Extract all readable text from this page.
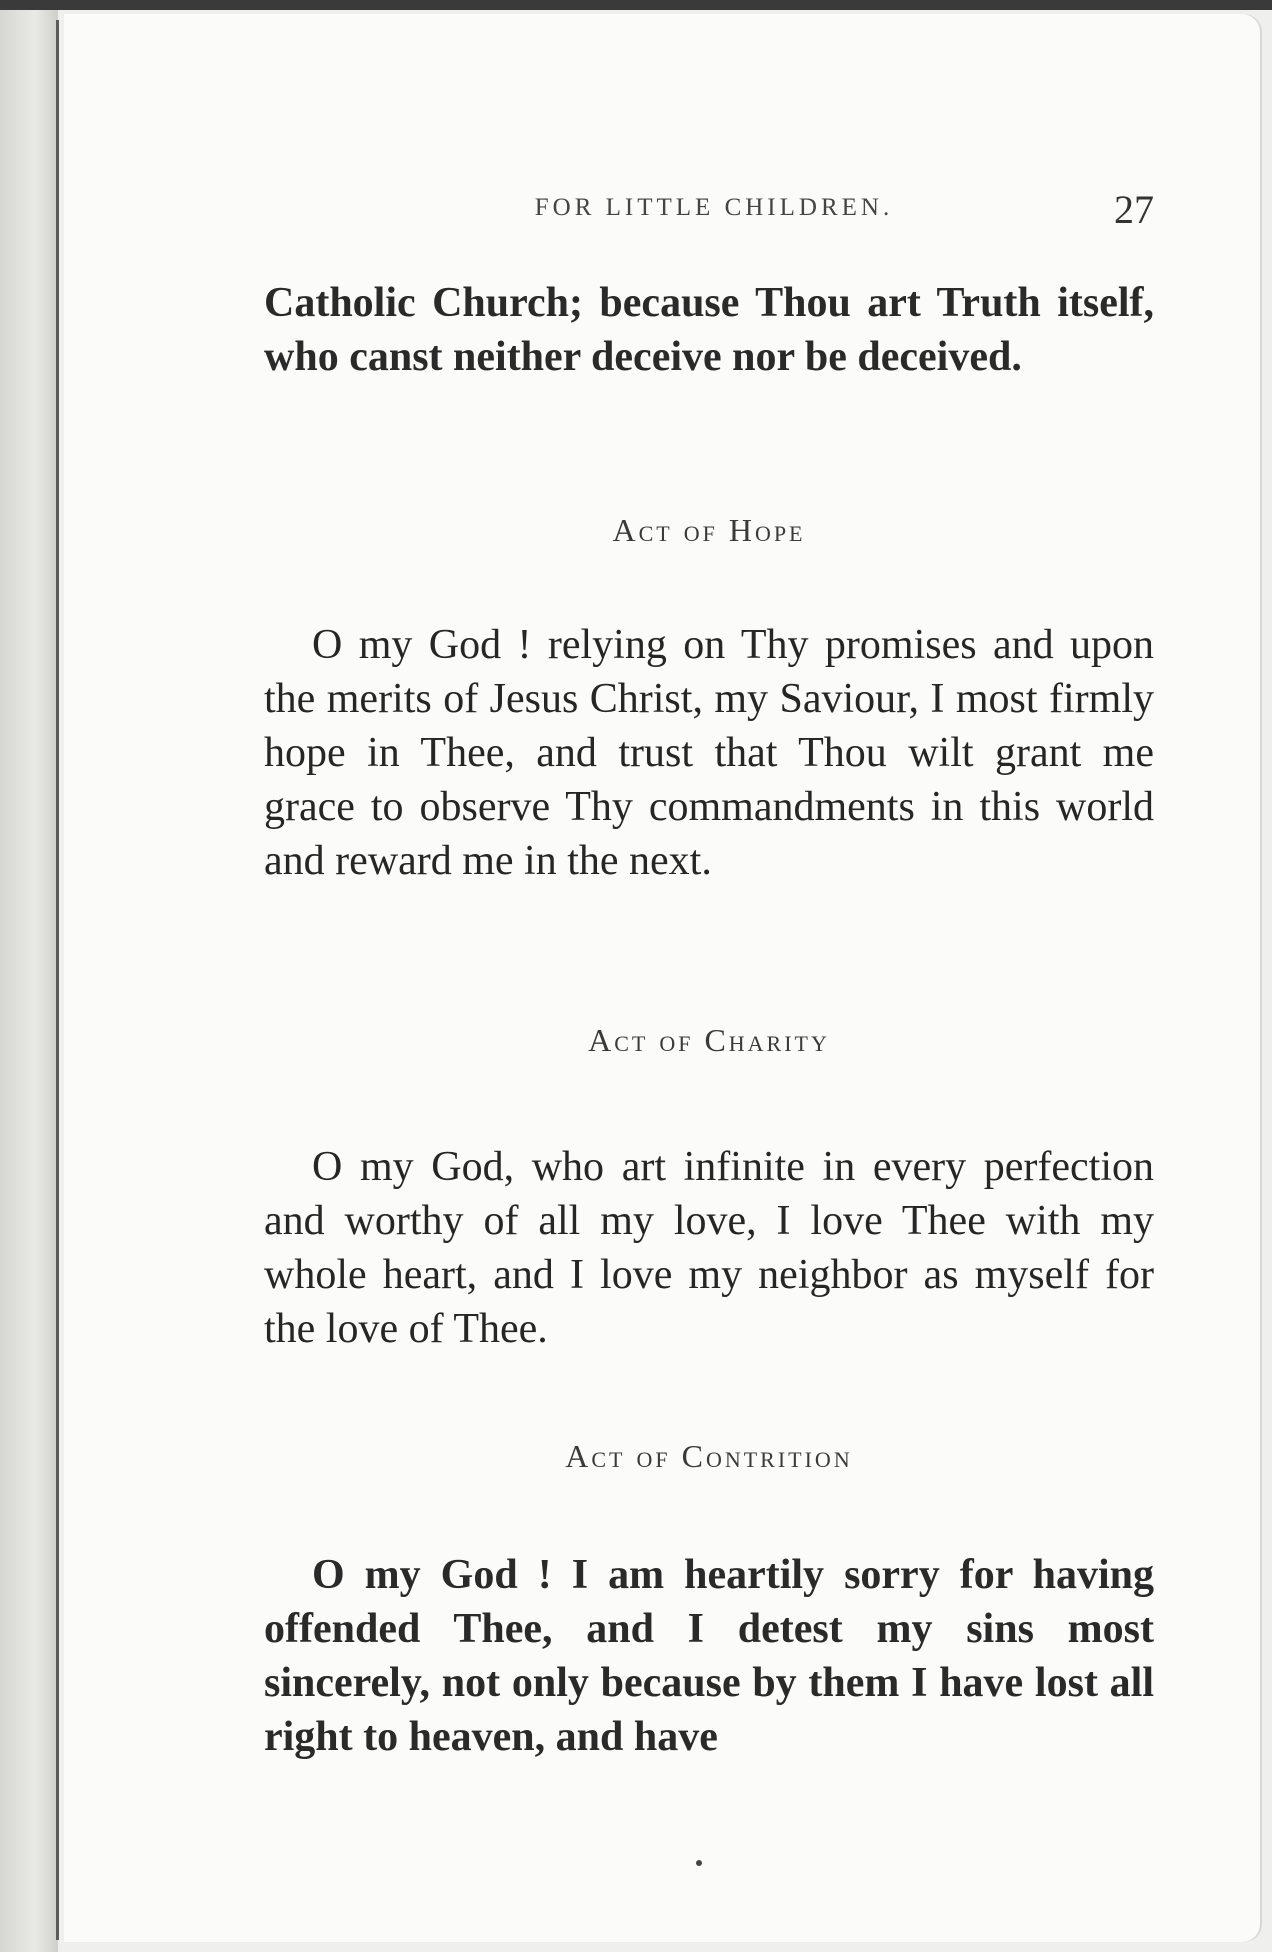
FOR LITTLE CHILDREN.	27

Catholic Church; because Thou art Truth itself, who canst neither deceive nor be deceived.

Act of Hope

O my God ! relying on Thy promises and upon the merits of Jesus Christ, my Saviour, I most firmly hope in Thee, and trust that Thou wilt grant me grace to observe Thy commandments in this world and reward me in the next.

Act of Charity

O my God, who art infinite in every perfection and worthy of all my love, I love Thee with my whole heart, and I love my neighbor as myself for the love of Thee.

Act of Contrition

O my God ! I am heartily sorry for having offended Thee, and I detest my sins most sincerely, not only because by them I have lost all right to heaven, and have
